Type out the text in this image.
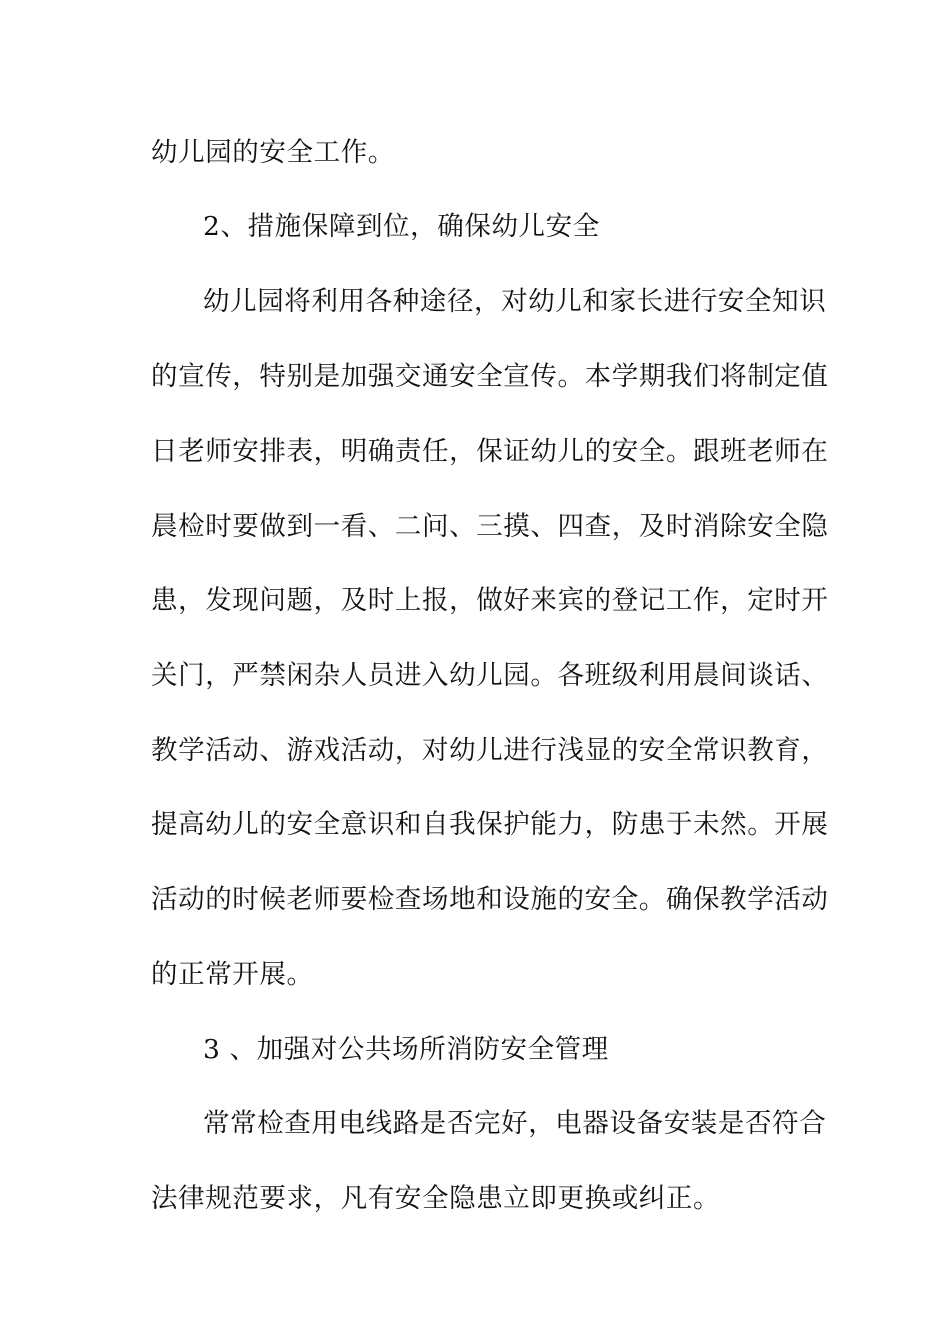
幼儿园的安全工作。
2、措施保障到位，确保幼儿安全
幼儿园将利用各种途径，对幼儿和家长进行安全知识
的宣传，特别是加强交通安全宣传。本学期我们将制定值
日老师安排表，明确责任，保证幼儿的安全。跟班老师在
晨检时要做到一看、二问、三摸、四查，及时消除安全隐
患，发现问题，及时上报，做好来宾的登记工作，定时开
关门，严禁闲杂人员进入幼儿园。各班级利用晨间谈话、
教学活动、游戏活动，对幼儿进行浅显的安全常识教育，
提高幼儿的安全意识和自我保护能力，防患于未然。开展
活动的时候老师要检查场地和设施的安全。确保教学活动
的正常开展。
3 、加强对公共场所消防安全管理
常常检查用电线路是否完好，电器设备安装是否符合
法律规范要求，凡有安全隐患立即更换或纠正。
